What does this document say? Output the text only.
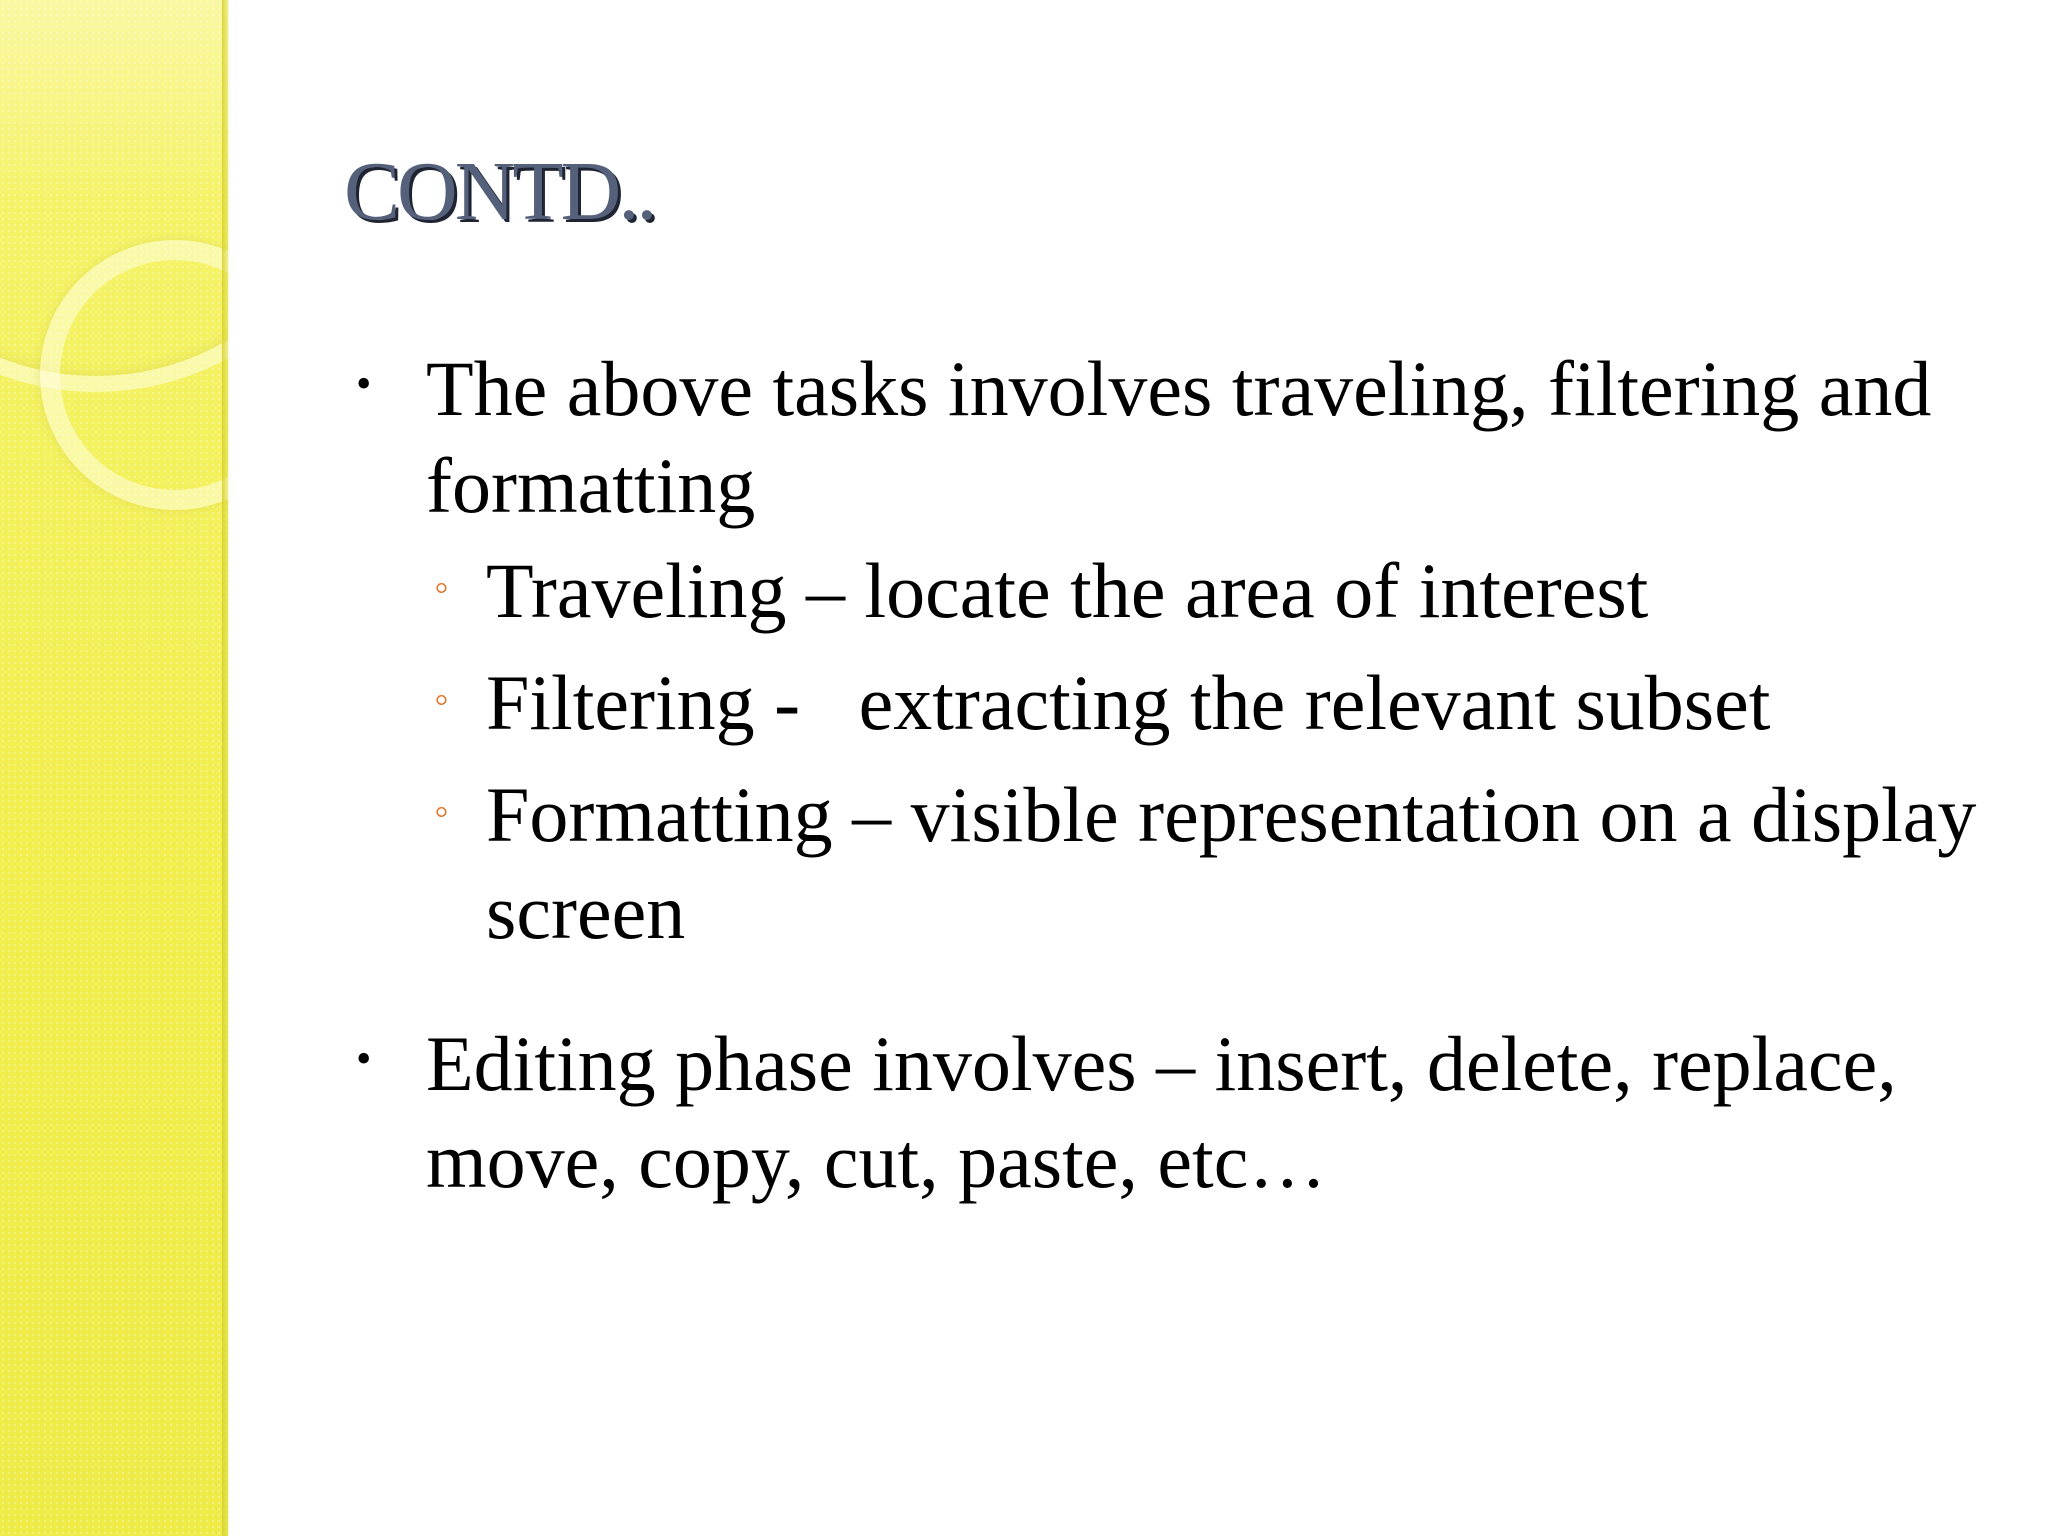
CONTD..
• The above tasks involves traveling, filtering and formatting
◦ Traveling – locate the area of interest
◦ Filtering -   extracting the relevant subset
◦ Formatting – visible representation on a display screen
• Editing phase involves – insert, delete, replace, move, copy, cut, paste, etc…
